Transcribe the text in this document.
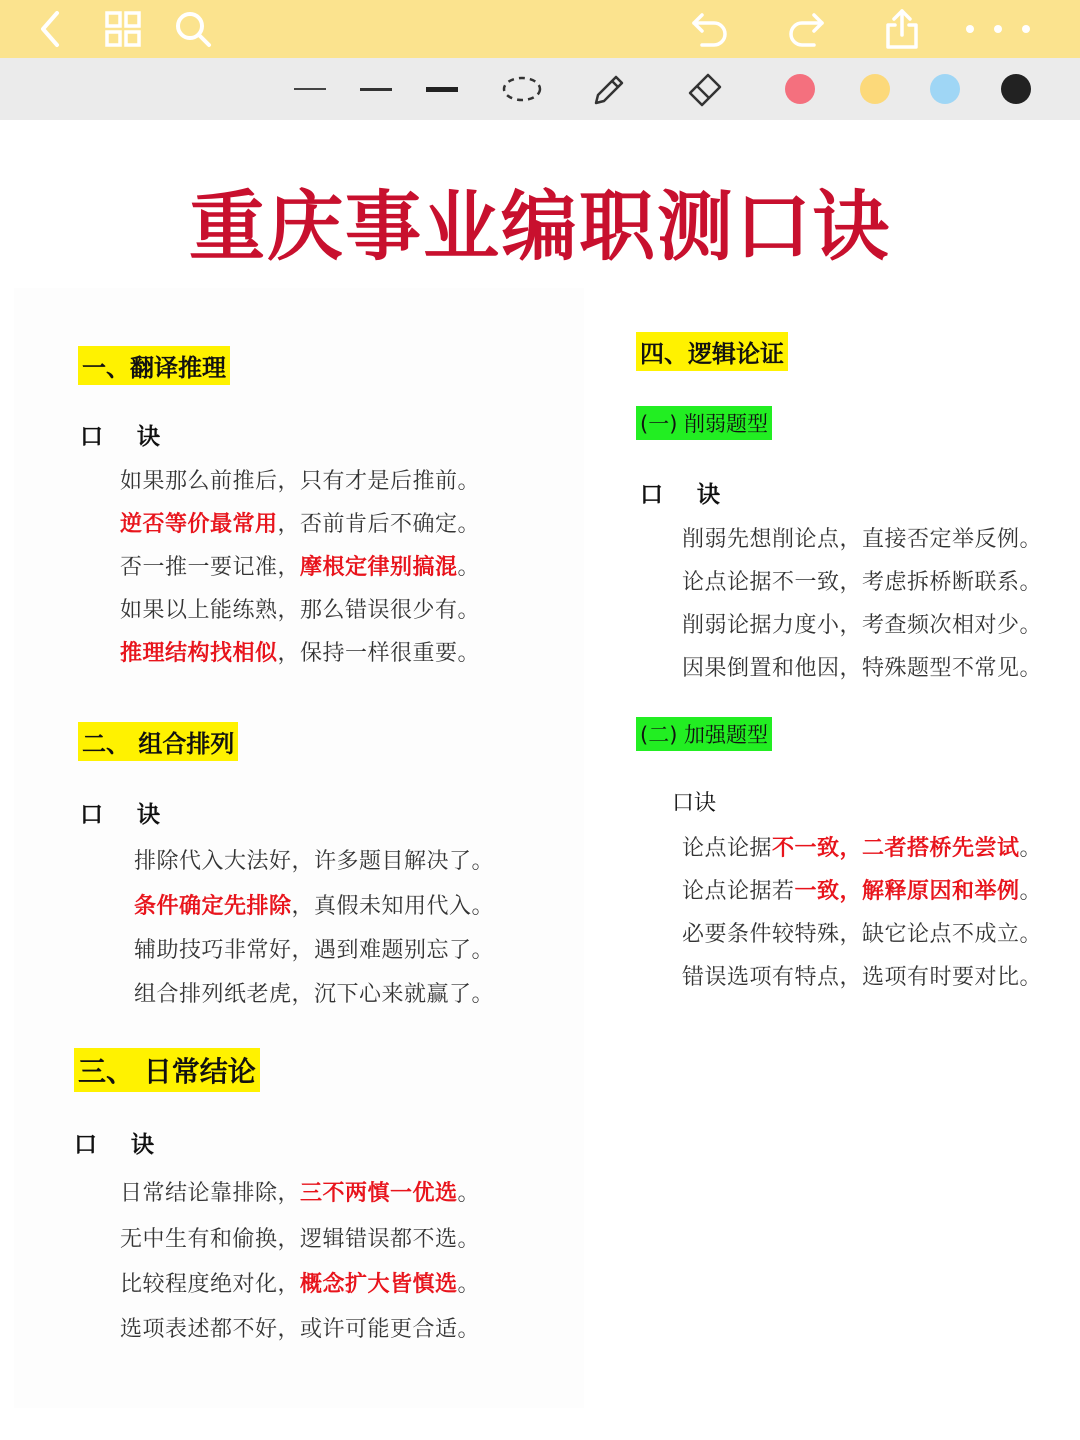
重庆事业编职测口诀
一、翻译推理
口 诀
如果那么前推后，只有才是后推前。
逆否等价最常用，否前肯后不确定。
否一推一要记准，摩根定律别搞混。
如果以上能练熟，那么错误很少有。
推理结构找相似，保持一样很重要。
二、 组合排列
口 诀
排除代入大法好，许多题目解决了。
条件确定先排除，真假未知用代入。
辅助技巧非常好，遇到难题别忘了。
组合排列纸老虎，沉下心来就赢了。
三、 日常结论
口 诀
日常结论靠排除，三不两慎一优选。
无中生有和偷换，逻辑错误都不选。
比较程度绝对化，概念扩大皆慎选。
选项表述都不好，或许可能更合适。
四、逻辑论证
(一) 削弱题型
口 诀
削弱先想削论点，直接否定举反例。
论点论据不一致，考虑拆桥断联系。
削弱论据力度小，考查频次相对少。
因果倒置和他因，特殊题型不常见。
(二) 加强题型
口诀
论点论据不一致，二者搭桥先尝试。
论点论据若一致，解释原因和举例。
必要条件较特殊，缺它论点不成立。
错误选项有特点，选项有时要对比。
